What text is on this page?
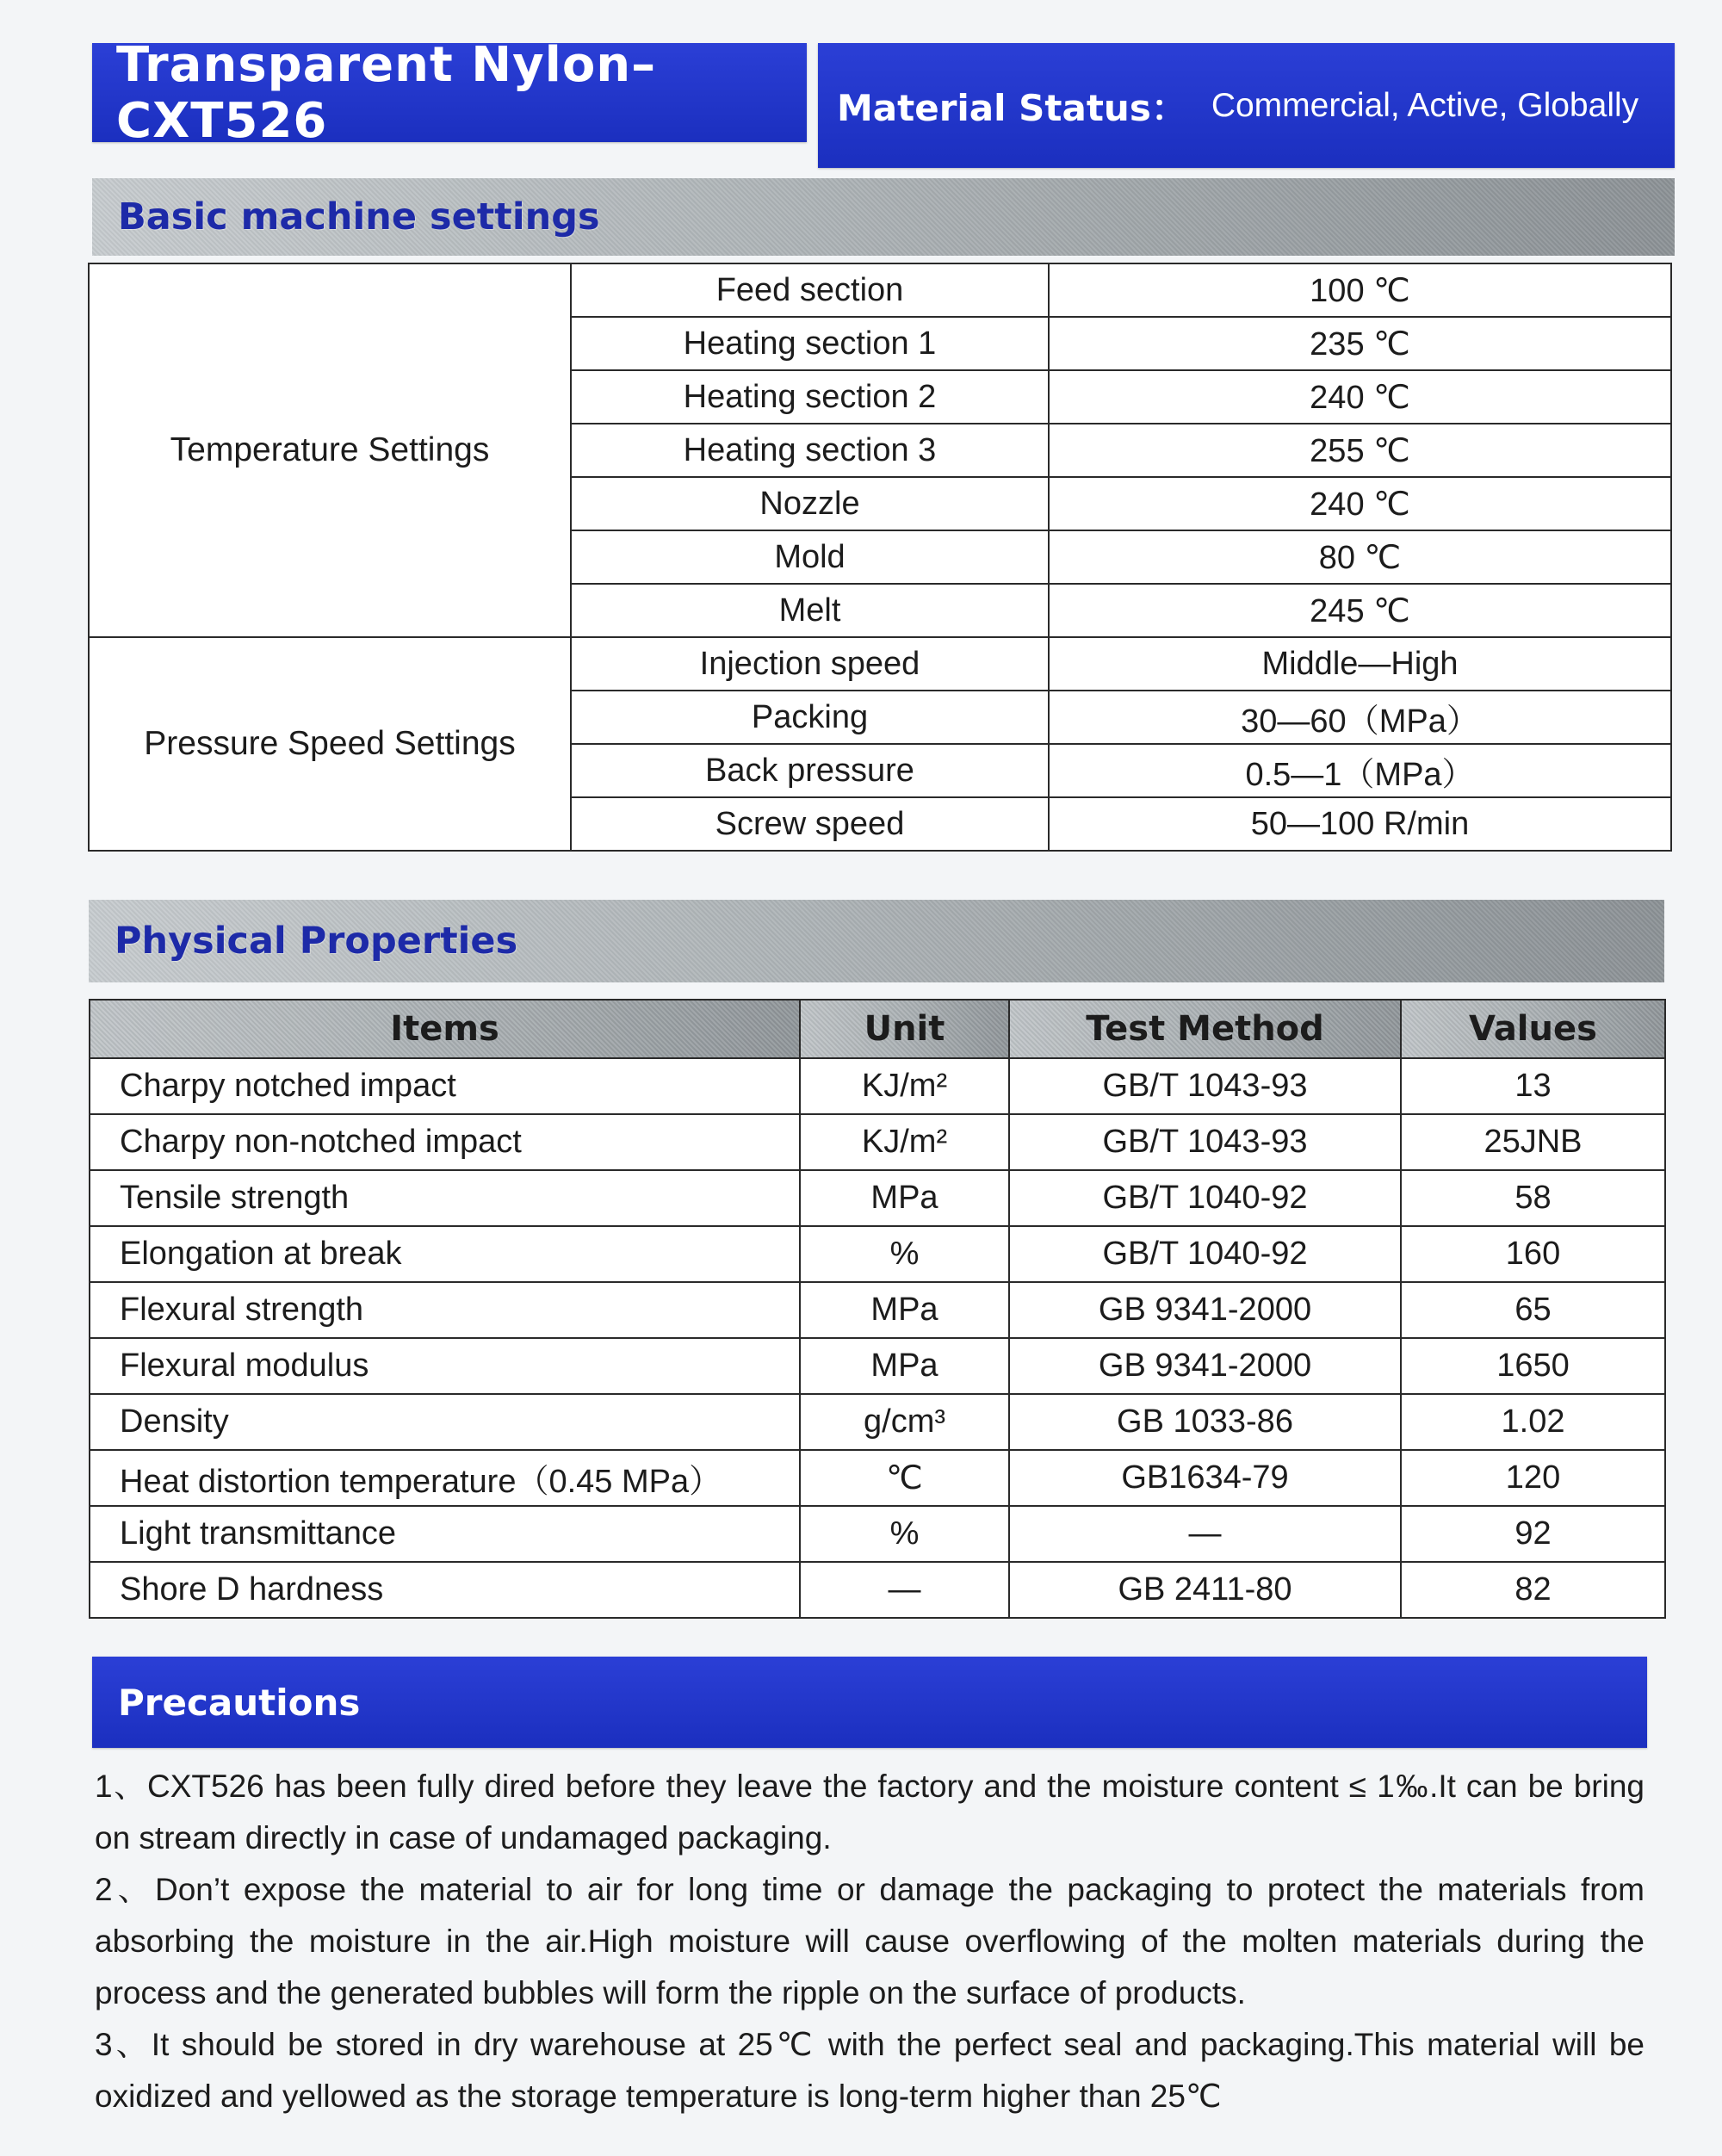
Transparent Nylon–CXT526	Material Status： Commercial, Active, Globally
Basic machine settings
Temperature Settings	Feed section	100 ℃
	Heating section 1	235 ℃
	Heating section 2	240 ℃
	Heating section 3	255 ℃
	Nozzle	240 ℃
	Mold	80 ℃
	Melt	245 ℃
Pressure Speed Settings	Injection speed	Middle—High
	Packing	30—60（MPa）
	Back pressure	0.5—1（MPa）
	Screw speed	50—100 R/min
Physical Properties
Items	Unit	Test Method	Values
Charpy notched impact	KJ/m²	GB/T 1043-93	13
Charpy non-notched impact	KJ/m²	GB/T 1043-93	25JNB
Tensile strength	MPa	GB/T 1040-92	58
Elongation at break	%	GB/T 1040-92	160
Flexural strength	MPa	GB 9341-2000	65
Flexural modulus	MPa	GB 9341-2000	1650
Density	g/cm³	GB 1033-86	1.02
Heat distortion temperature（0.45 MPa）	℃	GB1634-79	120
Light transmittance	%	—	92
Shore D hardness	—	GB 2411-80	82
Precautions

1、CXT526 has been fully dired before they leave the factory and the moisture content ≤ 1‰.It can be bring on stream directly in case of undamaged packaging.

2、Don’t expose the material to air for long time or damage the packaging to protect the materials from absorbing the moisture in the air.High moisture will cause overflowing of the molten materials during the process and the generated bubbles will form the ripple on the surface of products.

3、It should be stored in dry warehouse at 25℃ with the perfect seal and packaging.This material will be oxidized and yellowed as the storage temperature is long-term higher than 25℃
